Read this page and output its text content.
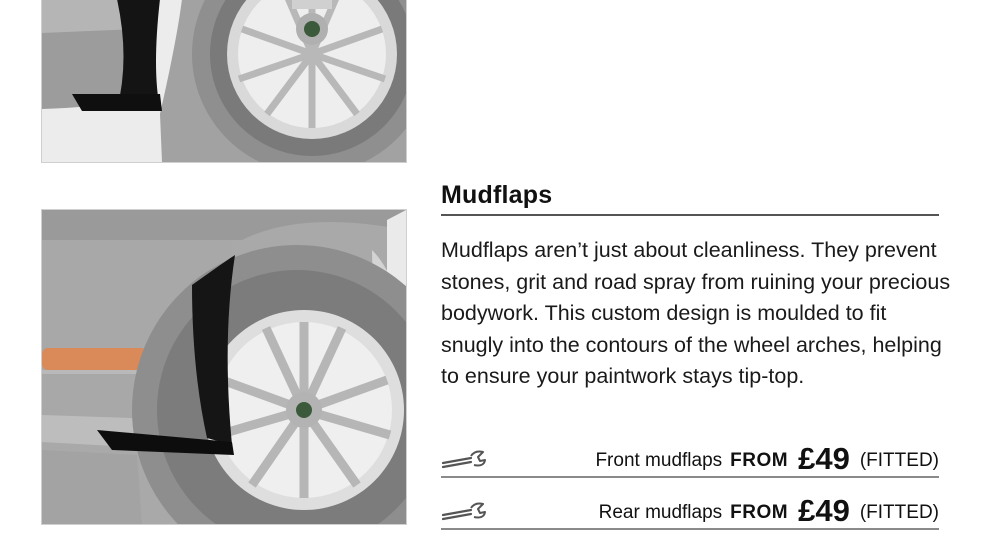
Mudflaps
Mudflaps aren’t just about cleanliness. They prevent stones, grit and road spray from ruining your precious bodywork. This custom design is moulded to fit snugly into the contours of the wheel arches, helping to ensure your paintwork stays tip-top.
Front mudflaps FROM £49 (FITTED)
Rear mudflaps FROM £49 (FITTED)
